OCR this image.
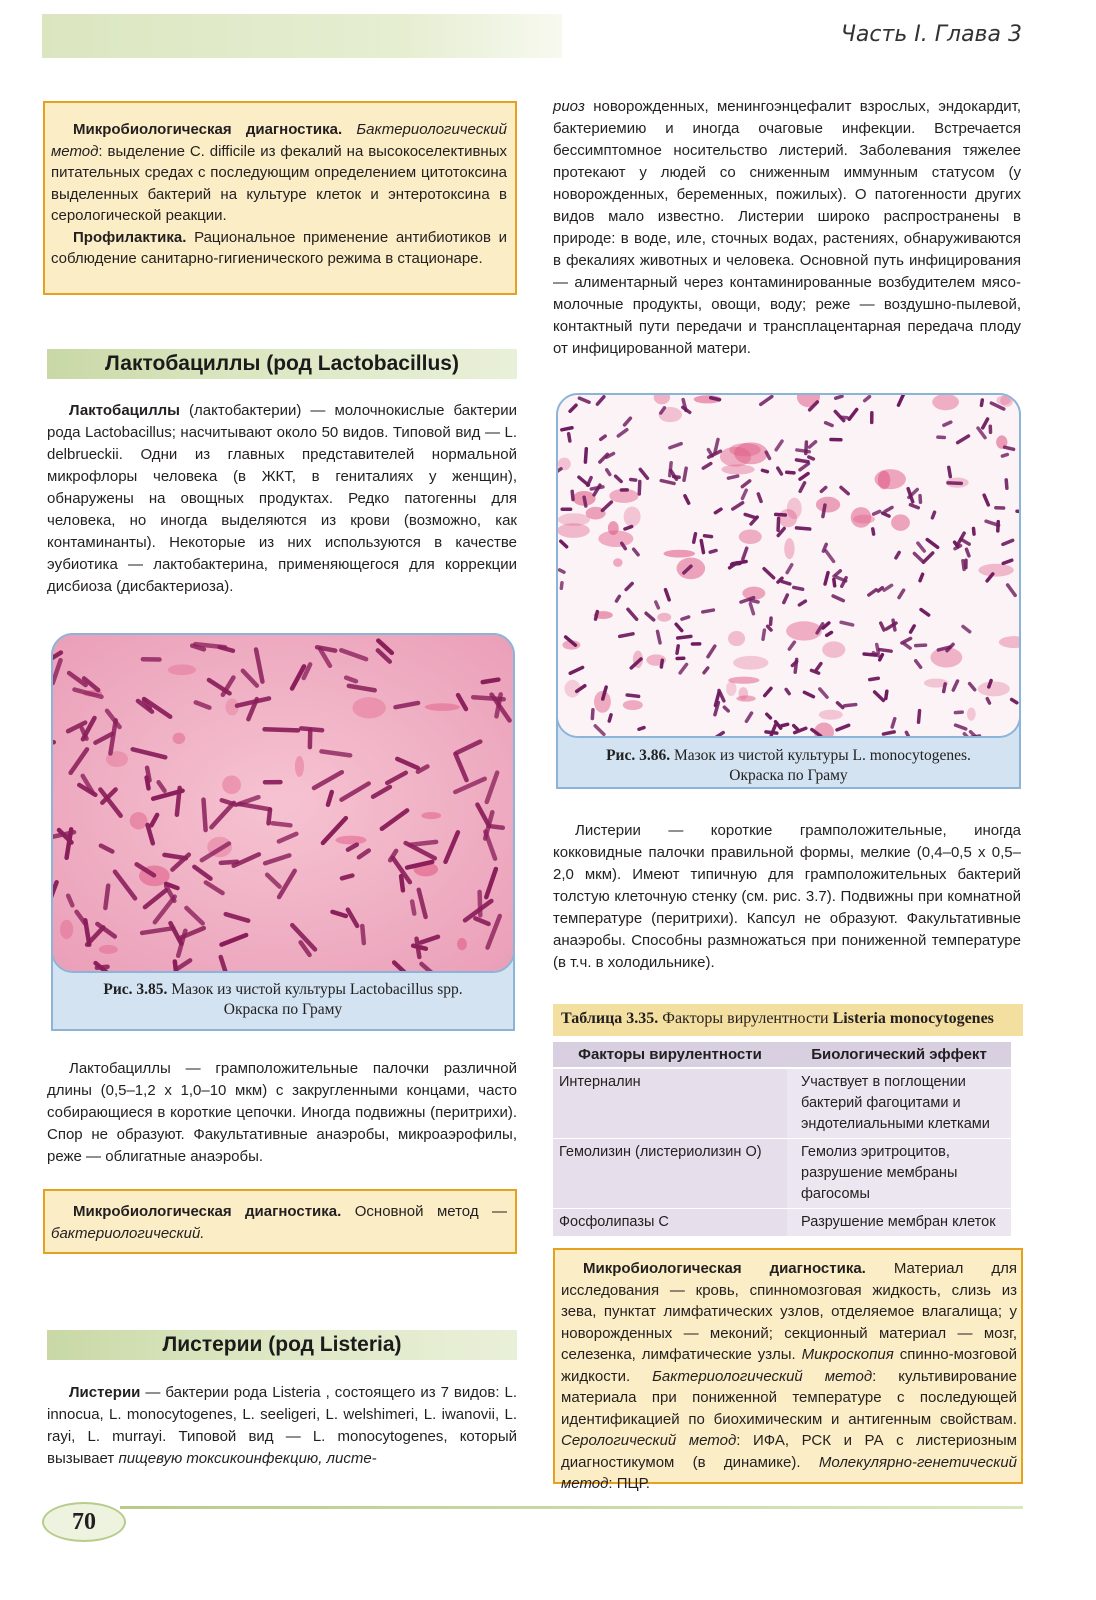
Часть I. Глава 3

Микробиологическая диагностика. Бактериологический метод: выделение C. difficile из фекалий на высокоселективных питательных средах с последующим определением цитотоксина выделенных бактерий на культуре клеток и энтеротоксина в серологической реакции.

Профилактика. Рациональное применение антибиотиков и соблюдение санитарно-гигиенического режима в стационаре.

Лактобациллы (род Lactobacillus)

Лактобациллы (лактобактерии) — молочнокислые бактерии рода Lactobacillus; насчитывают около 50 видов. Типовой вид — L. delbrueckii. Одни из главных представителей нормальной микрофлоры человека (в ЖКТ, в гениталиях у женщин), обнаружены на овощных продуктах. Редко патогенны для человека, но иногда выделяются из крови (возможно, как контаминанты). Некоторые из них используются в качестве эубиотика — лактобактерина, применяющегося для коррекции дисбиоза (дисбактериоза).

Рис. 3.85. Мазок из чистой культуры Lactobacillus spp.
Окраска по Граму

Лактобациллы — грамположительные палочки различной длины (0,5–1,2 x 1,0–10 мкм) с закругленными концами, часто собирающиеся в короткие цепочки. Иногда подвижны (перитрихи). Спор не образуют. Факультативные анаэробы, микроаэрофилы, реже — облигатные анаэробы.

Микробиологическая диагностика. Основной метод — бактериологический.

Листерии (род Listeria)

Листерии — бактерии рода Listeria , состоящего из 7 видов: L. innocua, L. monocytogenes, L. seeligeri, L. welshimeri, L. iwanovii, L. rayi, L. murrayi. Типовой вид — L. monocytogenes, который вызывает пищевую токсикоинфекцию, листе-

риоз новорожденных, менингоэнцефалит взрослых, эндокардит, бактериемию и иногда очаговые инфекции. Встречается бессимптомное носительство листерий. Заболевания тяжелее протекают у людей со сниженным иммунным статусом (у новорожденных, беременных, пожилых). О патогенности других видов мало известно. Листерии широко распространены в природе: в воде, иле, сточных водах, растениях, обнаруживаются в фекалиях животных и человека. Основной путь инфицирования — алиментарный через контаминированные возбудителем мясо-молочные продукты, овощи, воду; реже — воздушно-пылевой, контактный пути передачи и трансплацентарная передача плоду от инфицированной матери.

Рис. 3.86. Мазок из чистой культуры L. monocytogenes.
Окраска по Граму

Листерии — короткие грамположительные, иногда кокковидные палочки правильной формы, мелкие (0,4–0,5 x 0,5–2,0 мкм). Имеют типичную для грамположительных бактерий толстую клеточную стенку (см. рис. 3.7). Подвижны при комнатной температуре (перитрихи). Капсул не образуют. Факультативные анаэробы. Способны размножаться при пониженной температуре (в т.ч. в холодильнике).

Таблица 3.35. Факторы вирулентности Listeria monocytogenes
Факторы вирулентности	Биологический эффект
Интерналин	Участвует в поглощении бактерий фагоцитами и эндотелиальными клетками
Гемолизин (листериолизин O)	Гемолиз эритроцитов, разрушение мембраны фагосомы
Фосфолипазы C	Разрушение мембран клеток

Микробиологическая диагностика. Материал для исследования — кровь, спинномозговая жидкость, слизь из зева, пунктат лимфатических узлов, отделяемое влагалища; у новорожденных — меконий; секционный материал — мозг, селезенка, лимфатические узлы. Микроскопия спинно-мозговой жидкости. Бактериологический метод: культивирование материала при пониженной температуре с последующей идентификацией по биохимическим и антигенным свойствам. Серологический метод: ИФА, РСК и РА с листериозным диагностикумом (в динамике). Молекулярно-генетический метод: ПЦР.

70
